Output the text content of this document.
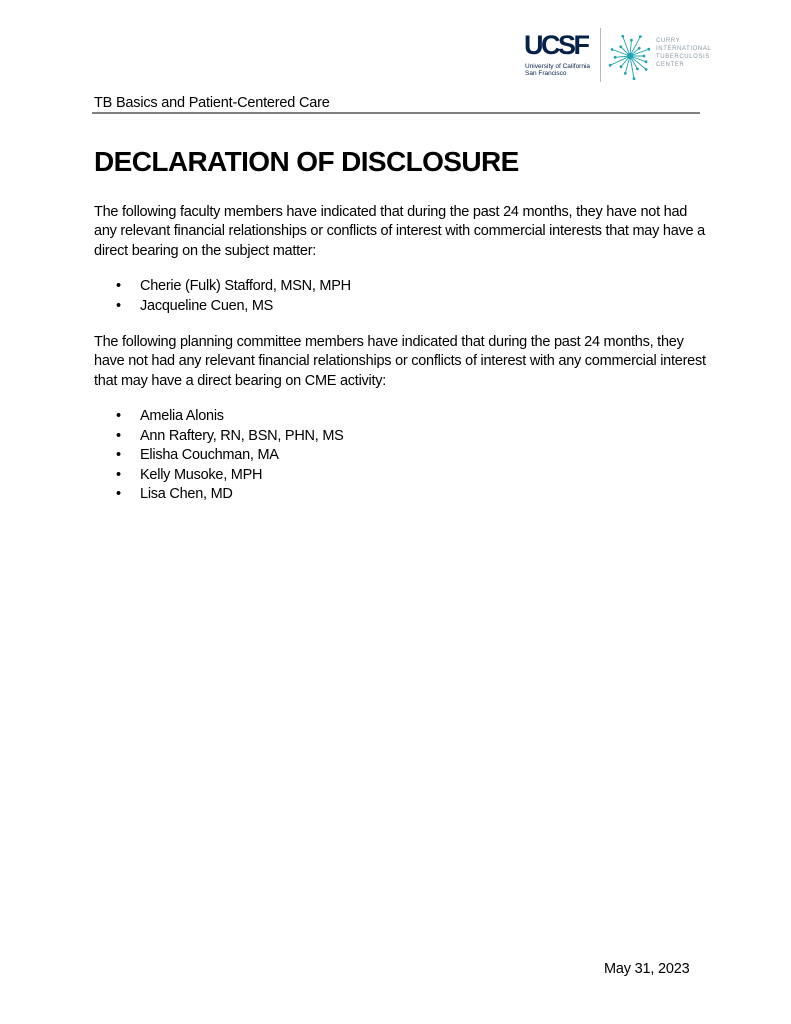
UCSF
University of California
San Francisco
CURRY
INTERNATIONAL
TUBERCULOSIS
CENTER
TB Basics and Patient-Centered Care
DECLARATION OF DISCLOSURE

The following faculty members have indicated that during the past 24 months, they have not had any relevant financial relationships or conflicts of interest with commercial interests that may have a direct bearing on the subject matter:

• Cherie (Fulk) Stafford, MSN, MPH
• Jacqueline Cuen, MS

The following planning committee members have indicated that during the past 24 months, they have not had any relevant financial relationships or conflicts of interest with any commercial interest that may have a direct bearing on CME activity:

• Amelia Alonis
• Ann Raftery, RN, BSN, PHN, MS
• Elisha Couchman, MA
• Kelly Musoke, MPH
• Lisa Chen, MD
May 31, 2023
